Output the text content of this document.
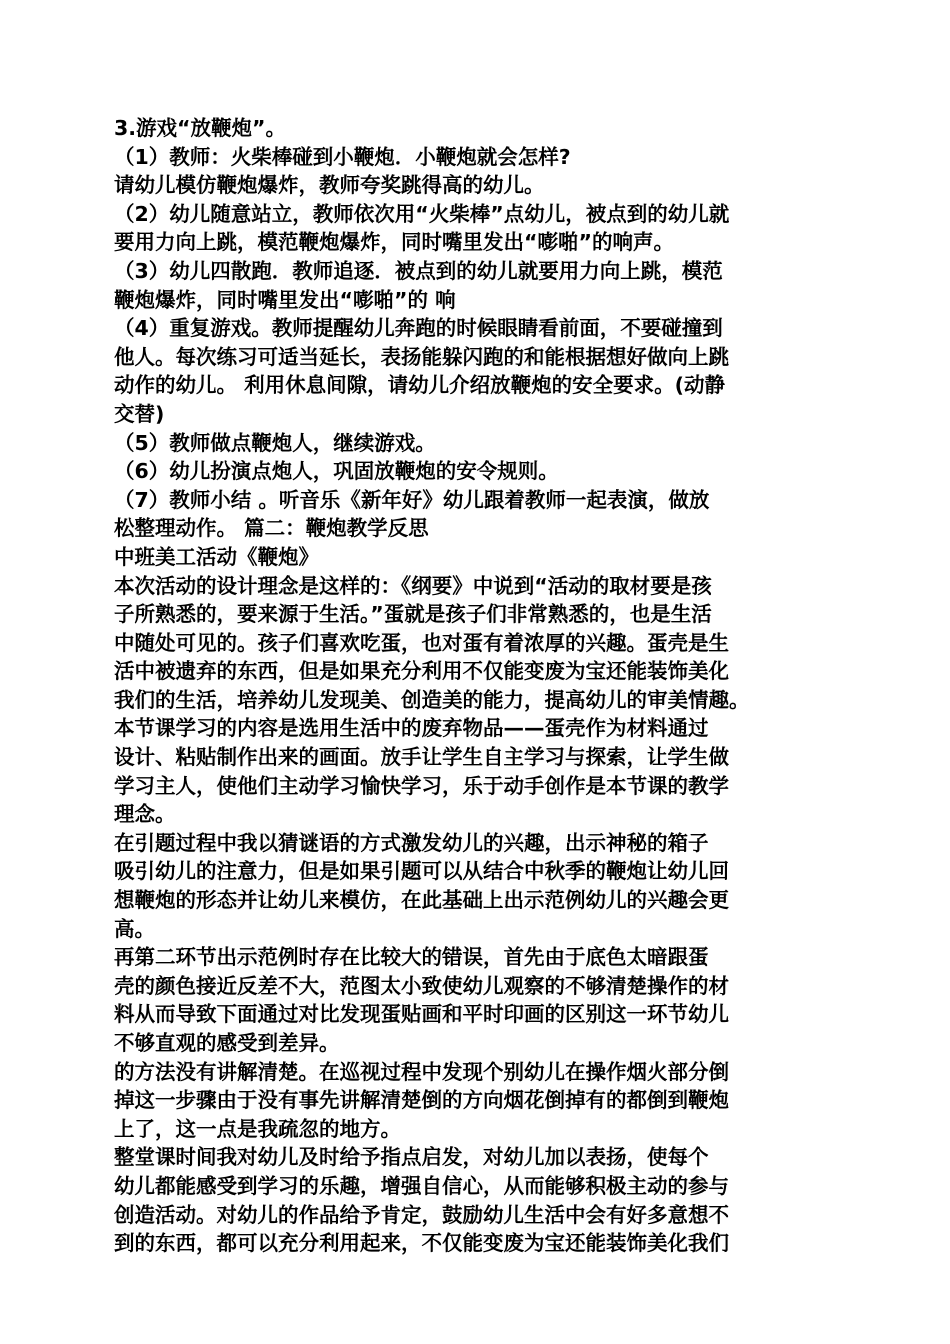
3.游戏“放鞭炮”。
（1）教师：火柴棒碰到小鞭炮．小鞭炮就会怎样?
请幼儿模仿鞭炮爆炸，教师夸奖跳得高的幼儿。
（2）幼儿随意站立，教师依次用“火柴棒”点幼儿，被点到的幼儿就
要用力向上跳，模范鞭炮爆炸，同时嘴里发出“嘭啪”的响声。
（3）幼儿四散跑．教师追逐．被点到的幼儿就要用力向上跳，模范
鞭炮爆炸，同时嘴里发出“嘭啪”的 响
（4）重复游戏。教师提醒幼儿奔跑的时候眼睛看前面，不要碰撞到
他人。每次练习可适当延长，表扬能躲闪跑的和能根据想好做向上跳
动作的幼儿。 利用休息间隙，请幼儿介绍放鞭炮的安全要求。(动静
交替)
（5）教师做点鞭炮人，继续游戏。
（6）幼儿扮演点炮人，巩固放鞭炮的安令规则。
（7）教师小结 。听音乐《新年好》幼儿跟着教师一起表演，做放
松整理动作。 篇二：鞭炮教学反思
中班美工活动《鞭炮》
本次活动的设计理念是这样的：《纲要》中说到“活动的取材要是孩
子所熟悉的，要来源于生活。”蛋就是孩子们非常熟悉的，也是生活
中随处可见的。孩子们喜欢吃蛋，也对蛋有着浓厚的兴趣。蛋壳是生
活中被遗弃的东西，但是如果充分利用不仅能变废为宝还能装饰美化
我们的生活，培养幼儿发现美、创造美的能力，提高幼儿的审美情趣。
本节课学习的内容是选用生活中的废弃物品——蛋壳作为材料通过
设计、粘贴制作出来的画面。放手让学生自主学习与探索，让学生做
学习主人，使他们主动学习愉快学习，乐于动手创作是本节课的教学
理念。
在引题过程中我以猜谜语的方式激发幼儿的兴趣，出示神秘的箱子
吸引幼儿的注意力，但是如果引题可以从结合中秋季的鞭炮让幼儿回
想鞭炮的形态并让幼儿来模仿，在此基础上出示范例幼儿的兴趣会更
高。
再第二环节出示范例时存在比较大的错误，首先由于底色太暗跟蛋
壳的颜色接近反差不大，范图太小致使幼儿观察的不够清楚操作的材
料从而导致下面通过对比发现蛋贴画和平时印画的区别这一环节幼儿
不够直观的感受到差异。
的方法没有讲解清楚。在巡视过程中发现个别幼儿在操作烟火部分倒
掉这一步骤由于没有事先讲解清楚倒的方向烟花倒掉有的都倒到鞭炮
上了，这一点是我疏忽的地方。
整堂课时间我对幼儿及时给予指点启发，对幼儿加以表扬，使每个
幼儿都能感受到学习的乐趣，增强自信心，从而能够积极主动的参与
创造活动。对幼儿的作品给予肯定，鼓励幼儿生活中会有好多意想不
到的东西，都可以充分利用起来，不仅能变废为宝还能装饰美化我们
